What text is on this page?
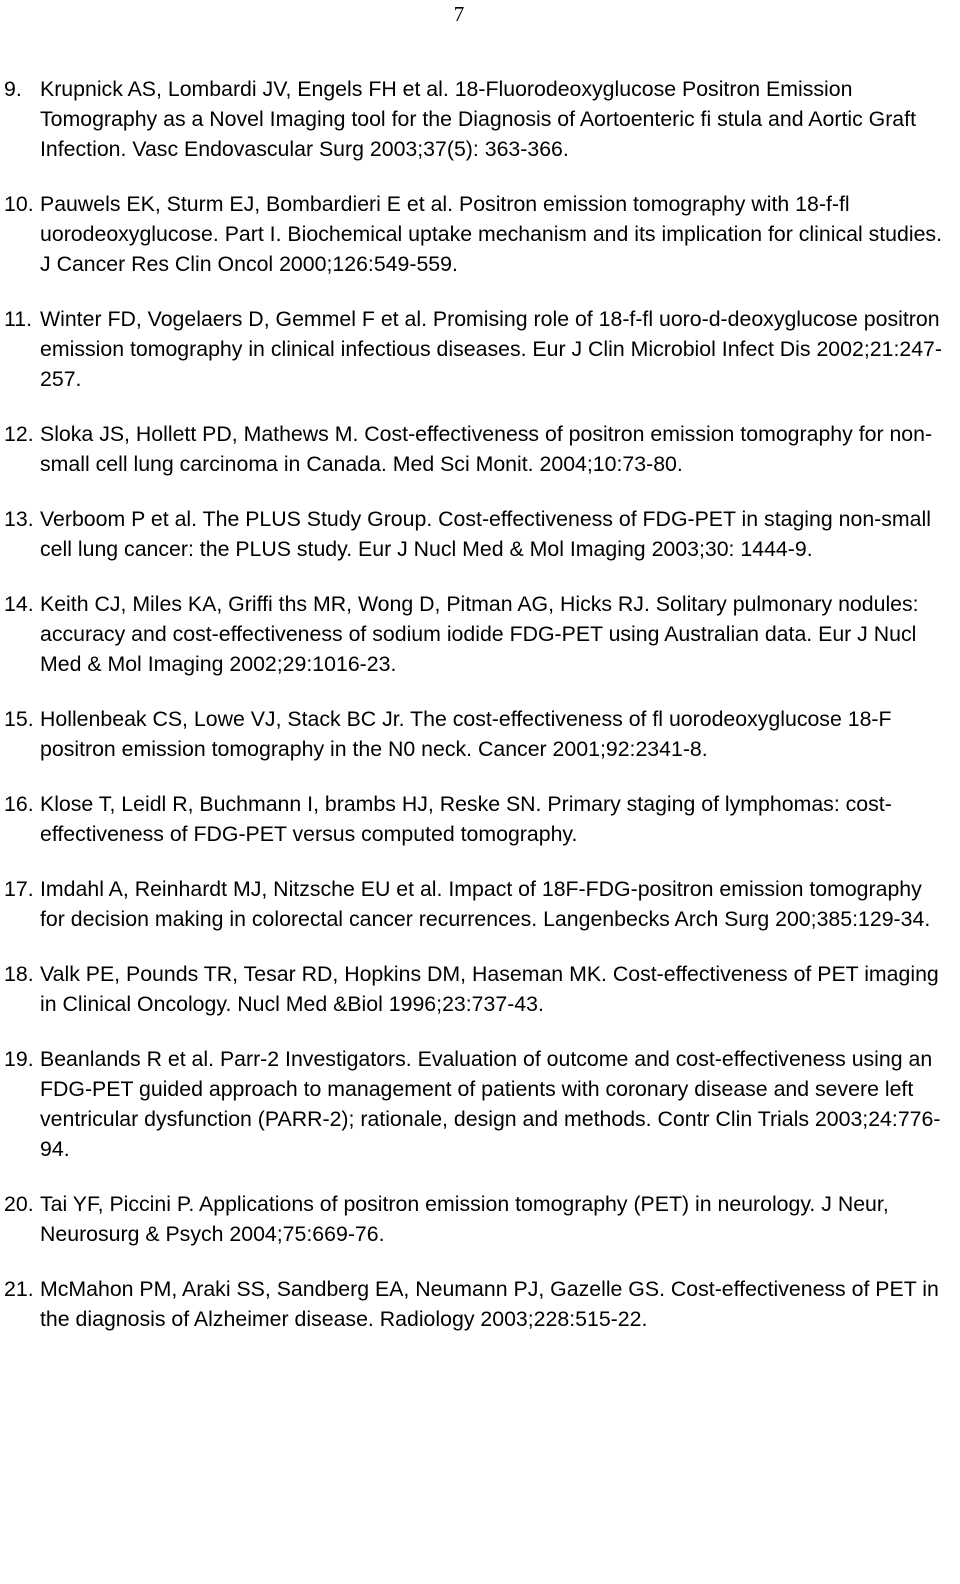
7
9. Krupnick AS, Lombardi JV, Engels FH et al. 18-Fluorodeoxyglucose Positron Emission Tomography as a Novel Imaging tool for the Diagnosis of Aortoenteric fi stula and Aortic Graft Infection. Vasc Endovascular Surg 2003;37(5): 363-366.
10. Pauwels EK, Sturm EJ, Bombardieri E et al. Positron emission tomography with 18-f-fl uorodeoxyglucose. Part I. Biochemical uptake mechanism and its implication for clinical studies. J Cancer Res Clin Oncol 2000;126:549-559.
11. Winter FD, Vogelaers D, Gemmel F et al. Promising role of 18-f-fl uoro-d-deoxyglucose positron emission tomography in clinical infectious diseases. Eur J Clin Microbiol Infect Dis 2002;21:247-257.
12. Sloka JS, Hollett PD, Mathews M. Cost-effectiveness of positron emission tomography for non-small cell lung carcinoma in Canada. Med Sci Monit. 2004;10:73-80.
13. Verboom P et al. The PLUS Study Group. Cost-effectiveness of FDG-PET in staging non-small cell lung cancer: the PLUS study. Eur J Nucl Med & Mol Imaging 2003;30: 1444-9.
14. Keith CJ, Miles KA, Griffi ths MR, Wong D, Pitman AG, Hicks RJ. Solitary pulmonary nodules: accuracy and cost-effectiveness of sodium iodide FDG-PET using Australian data. Eur J Nucl Med & Mol Imaging 2002;29:1016-23.
15. Hollenbeak CS, Lowe VJ, Stack BC Jr. The cost-effectiveness of fl uorodeoxyglucose 18-F positron emission tomography in the N0 neck. Cancer 2001;92:2341-8.
16. Klose T, Leidl R, Buchmann I, brambs HJ, Reske SN. Primary staging of lymphomas: cost-effectiveness of FDG-PET versus computed tomography.
17. Imdahl A, Reinhardt MJ, Nitzsche EU et al. Impact of 18F-FDG-positron emission tomography for decision making in colorectal cancer recurrences. Langenbecks Arch Surg 200;385:129-34.
18. Valk PE, Pounds TR, Tesar RD, Hopkins DM, Haseman MK. Cost-effectiveness of PET imaging in Clinical Oncology. Nucl Med &Biol 1996;23:737-43.
19. Beanlands R et al. Parr-2 Investigators. Evaluation of outcome and cost-effectiveness using an FDG-PET guided approach to management of patients with coronary disease and severe left ventricular dysfunction (PARR-2); rationale, design and methods. Contr Clin Trials 2003;24:776-94.
20. Tai YF, Piccini P. Applications of positron emission tomography (PET) in neurology. J Neur, Neurosurg & Psych 2004;75:669-76.
21. McMahon PM, Araki SS, Sandberg EA, Neumann PJ, Gazelle GS. Cost-effectiveness of PET in the diagnosis of Alzheimer disease. Radiology 2003;228:515-22.
